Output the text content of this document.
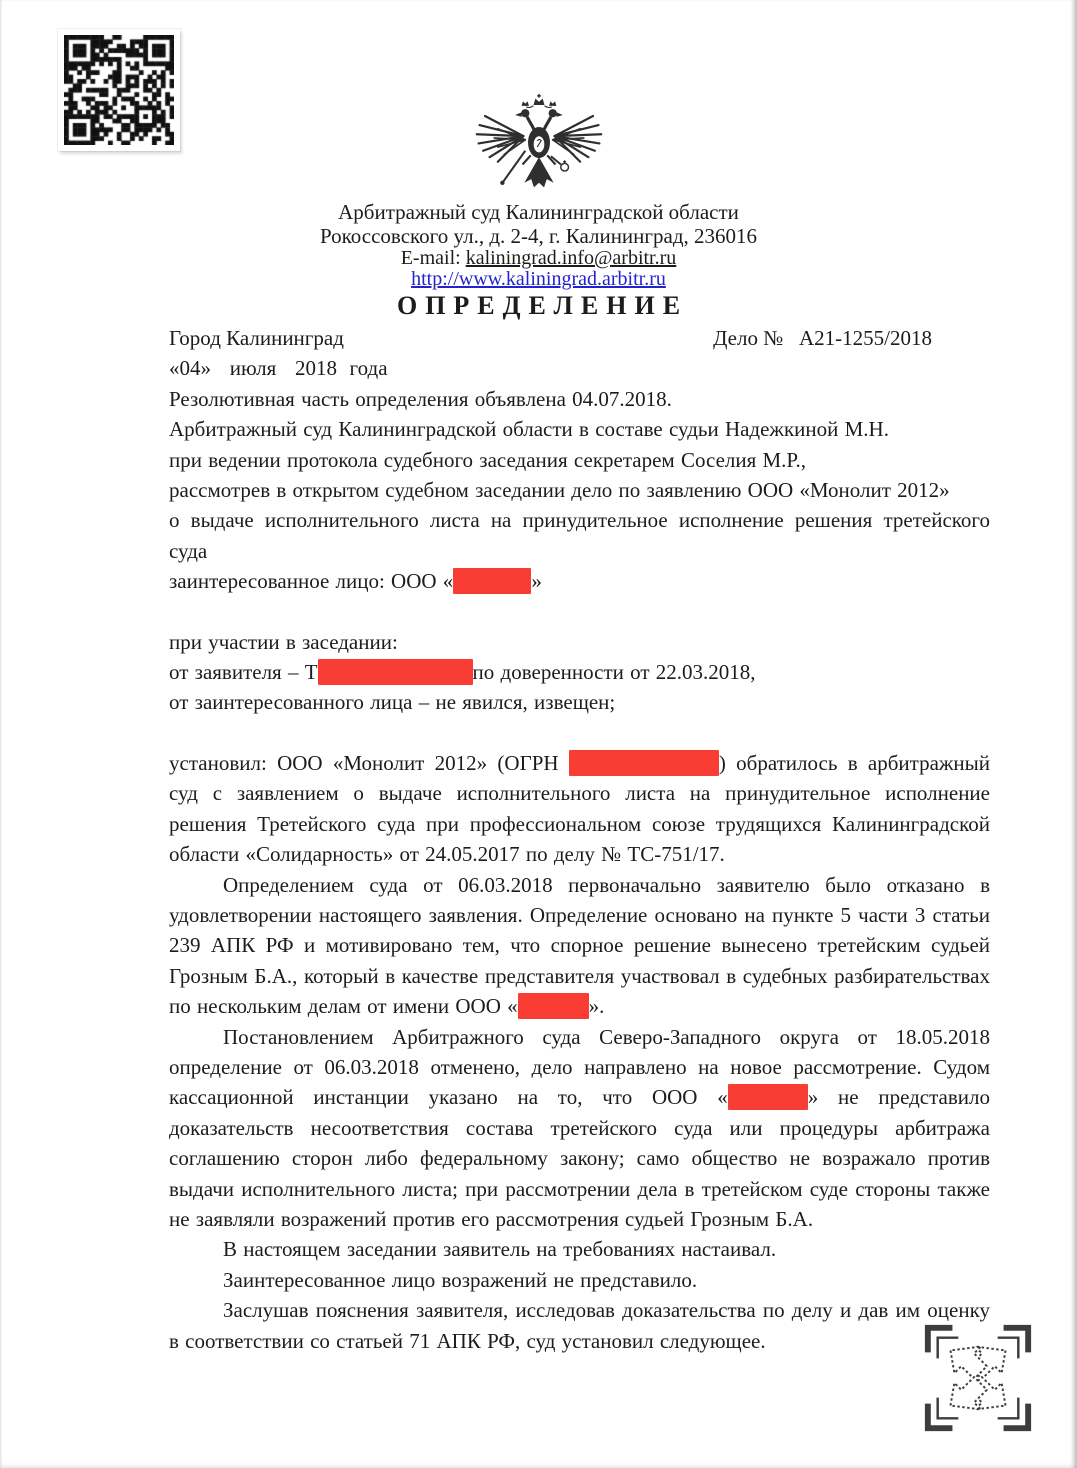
Арбитражный суд Калининградской области
Рокоссовского ул., д. 2-4, г. Калининград, 236016
E-mail: kaliningrad.info@arbitr.ru
http://www.kaliningrad.arbitr.ru
ОПРЕДЕЛЕНИЕ
Город Калининград	Дело №   А21-1255/2018

«04»   июля   2018  года

Резолютивная часть определения объявлена 04.07.2018.

Арбитражный суд Калининградской области в составе судьи Надежкиной М.Н.

при ведении протокола судебного заседания секретарем Соселия М.Р.,

рассмотрев в открытом судебном заседании дело по заявлению ООО «Монолит 2012»

о выдаче исполнительного листа на принудительное исполнение решения третейского суда

заинтересованное лицо: ООО «	»

при участии в заседании:

от заявителя – Т	по доверенности от 22.03.2018,

от заинтересованного лица – не явился, извещен;

установил: ООО «Монолит 2012» (ОГРН	) обратилось в арбитражный суд с заявлением о выдаче исполнительного листа на принудительное исполнение решения Третейского суда при профессиональном союзе трудящихся Калининградской области «Солидарность» от 24.05.2017 по делу № ТС-751/17.

Определением суда от 06.03.2018 первоначально заявителю было отказано в удовлетворении настоящего заявления. Определение основано на пункте 5 части 3 статьи 239 АПК РФ и мотивировано тем, что спорное решение вынесено третейским судьей Грозным Б.А., который в качестве представителя участвовал в судебных разбирательствах по нескольким делам от имени ООО «	».

Постановлением Арбитражного суда Северо-Западного округа от 18.05.2018 определение от 06.03.2018 отменено, дело направлено на новое рассмотрение. Судом кассационной инстанции указано на то, что ООО «	» не представило доказательств несоответствия состава третейского суда или процедуры арбитража соглашению сторон либо федеральному закону; само общество не возражало против выдачи исполнительного листа; при рассмотрении дела в третейском суде стороны также не заявляли возражений против его рассмотрения судьей Грозным Б.А.

В настоящем заседании заявитель на требованиях настаивал.

Заинтересованное лицо возражений не представило.

Заслушав пояснения заявителя, исследовав доказательства по делу и дав им оценку в соответствии со статьей 71 АПК РФ, суд установил следующее.
